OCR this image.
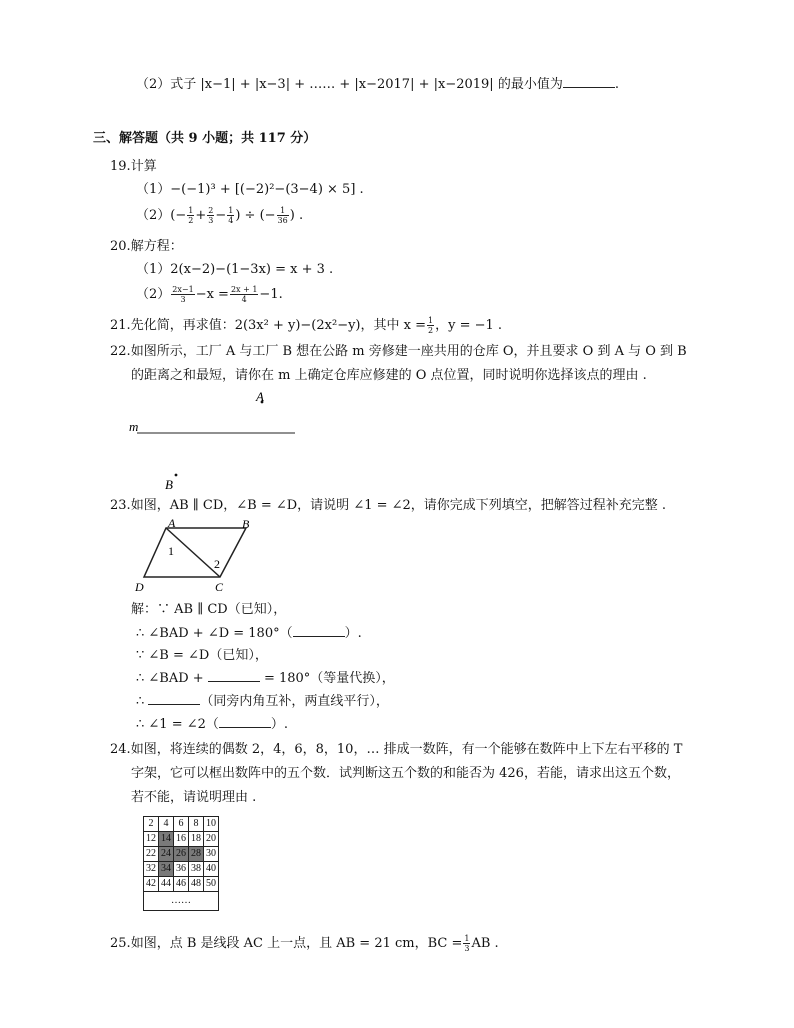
（2）式子 |x−1| + |x−3| + …… + |x−2017| + |x−2019| 的最小值为	.
三、解答题（共 9 小题；共 117 分）
19.计算
（1）−(−1)³ + [(−2)²−(3−4) × 5] .
$(2)(- \frac{1}{2} + \frac{2}{3} - \frac{1}{4}$ ) ÷ (− $\frac{1}{36}$ ) .
20.解方程：
（1）2(x−2)−(1−3x) = x + 3 .
$(2) \frac{2x-1}{3} -x = \frac{2x + 1}{4} -1$.
21.先化简，再求值：2(3x² + y)−(2x²−y)，其中 $x = \frac{1}{2}$ ，y = −1 .
22.如图所示，工厂 A 与工厂 B 想在公路 m 旁修建一座共用的仓库 O，并且要求 O 到 A 与 O 到 B
的距离之和最短，请你在 m 上确定仓库应修建的 O 点位置，同时说明你选择该点的理由 .
A
m
B
23.如图，AB ∥ CD，∠B = ∠D，请说明 ∠1 = ∠2，请你完成下列填空，把解答过程补充完整 .
A	B
C
D
1
2
解：∵ AB ∥ CD（已知），
∴ ∠BAD + ∠D = 180°（	）.
∵ ∠B = ∠D（已知），
∴ ∠BAD +	= 180°（等量代换），
∴	（同旁内角互补，两直线平行），
∴ ∠1 = ∠2（	）.
24.如图，将连续的偶数 2，4，6，8，10，… 排成一数阵，有一个能够在数阵中上下左右平移的 T
字架，它可以框出数阵中的五个数．试判断这五个数的和能否为 426，若能，请求出这五个数，
若不能，请说明理由 .
2	4	6	8	10
12	14	16	18	20
22	24	26	28	30
32	34	36	38	40
42	44	46	48	50
……				
25.如图，点 B 是线段 AC 上一点，且 AB = 21 cm，BC = $\frac{1}{3}$ AB .
